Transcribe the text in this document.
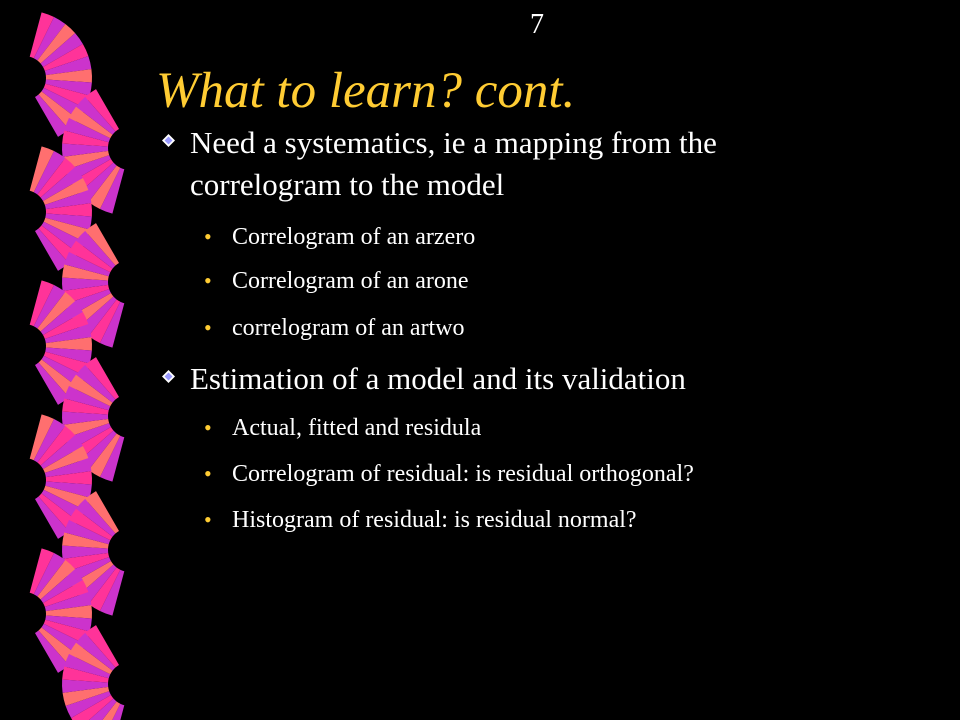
7
What to learn? cont.
Need a systematics, ie a mapping from the correlogram to the model
• Correlogram of an arzero
• Correlogram of an arone
• correlogram of an artwo
Estimation of a model and its validation
• Actual, fitted and residula
• Correlogram of residual: is residual orthogonal?
• Histogram of residual: is residual normal?
